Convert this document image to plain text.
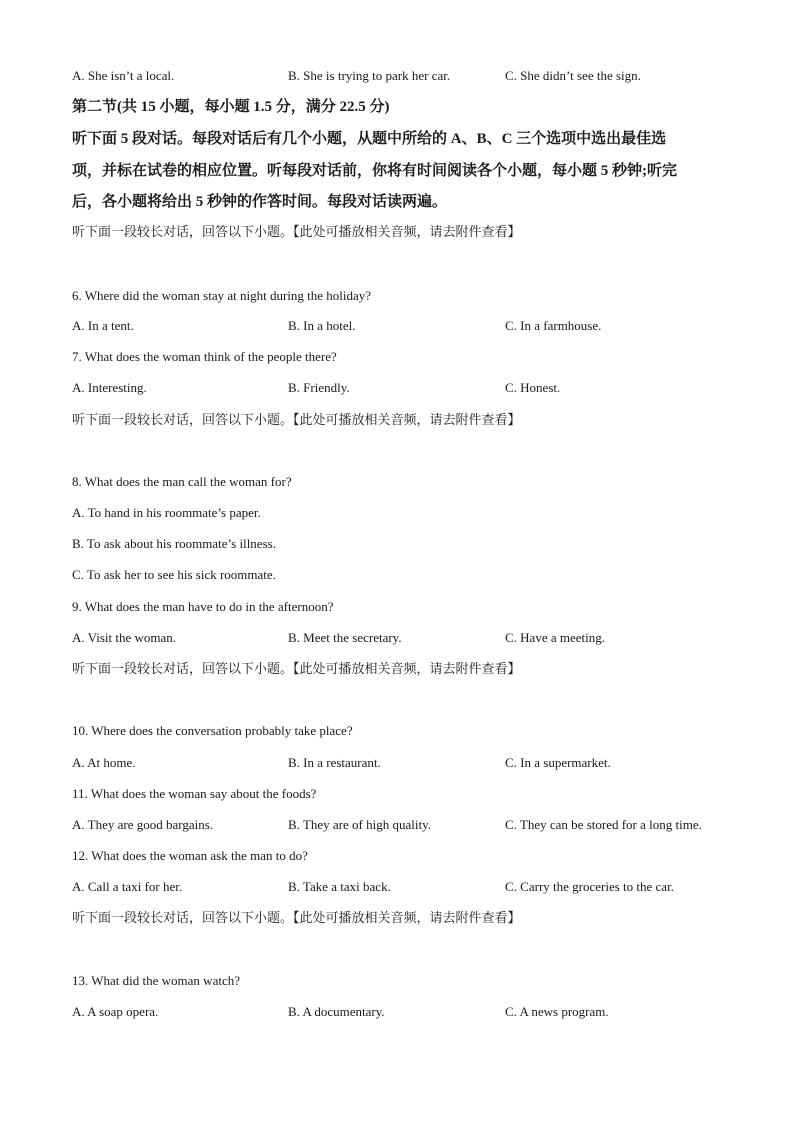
A. She isn’t a local.	B. She is trying to park her car.	C. She didn’t see the sign.
第二节(共 15 小题，每小题 1.5 分，满分 22.5 分)
听下面 5 段对话。每段对话后有几个小题，从题中所给的 A、B、C 三个选项中选出最佳选
项，并标在试卷的相应位置。听每段对话前，你将有时间阅读各个小题，每小题 5 秒钟;听完
后，各小题将给出 5 秒钟的作答时间。每段对话读两遍。
听下面一段较长对话，回答以下小题。【此处可播放相关音频，请去附件查看】
6. Where did the woman stay at night during the holiday?
A. In a tent.	B. In a hotel.	C. In a farmhouse.
7. What does the woman think of the people there?
A. Interesting.	B. Friendly.	C. Honest.
听下面一段较长对话，回答以下小题。【此处可播放相关音频，请去附件查看】
8. What does the man call the woman for?
A. To hand in his roommate’s paper.
B. To ask about his roommate’s illness.
C. To ask her to see his sick roommate.
9. What does the man have to do in the afternoon?
A. Visit the woman.	B. Meet the secretary.	C. Have a meeting.
听下面一段较长对话，回答以下小题。【此处可播放相关音频，请去附件查看】
10. Where does the conversation probably take place?
A. At home.	B. In a restaurant.	C. In a supermarket.
11. What does the woman say about the foods?
A. They are good bargains.	B. They are of high quality.	C. They can be stored for a long time.
12. What does the woman ask the man to do?
A. Call a taxi for her.	B. Take a taxi back.	C. Carry the groceries to the car.
听下面一段较长对话，回答以下小题。【此处可播放相关音频，请去附件查看】
13. What did the woman watch?
A. A soap opera.	B. A documentary.	C. A news program.
